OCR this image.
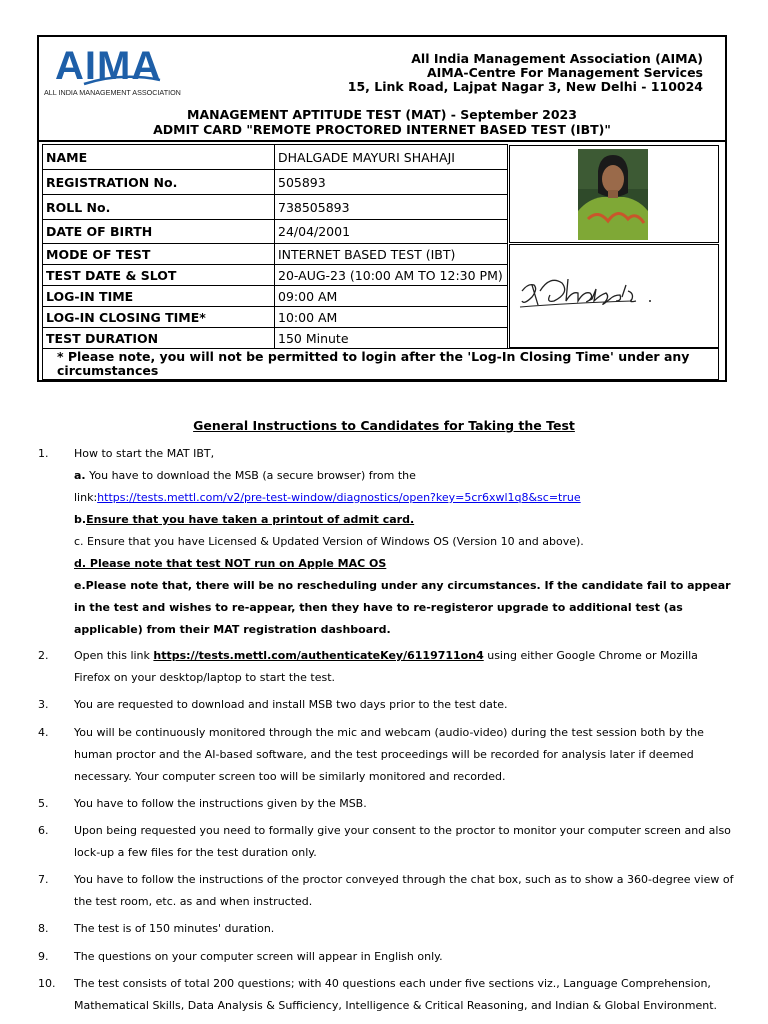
AIMA
ALL INDIA MANAGEMENT ASSOCIATION
All India Management Association (AIMA)
AIMA-Centre For Management Services
15, Link Road, Lajpat Nagar 3, New Delhi - 110024
MANAGEMENT APTITUDE TEST (MAT) - September 2023
ADMIT CARD "REMOTE PROCTORED INTERNET BASED TEST (IBT)"
NAME	DHALGADE MAYURI SHAHAJI
REGISTRATION No.	505893
ROLL No.	738505893
DATE OF BIRTH	24/04/2001
MODE OF TEST	INTERNET BASED TEST (IBT)
TEST DATE & SLOT	20-AUG-23 (10:00 AM TO 12:30 PM)
LOG-IN TIME	09:00 AM
LOG-IN CLOSING TIME*	10:00 AM
TEST DURATION	150 Minute
* Please note, you will not be permitted to login after the 'Log-In Closing Time' under any circumstances
General Instructions to Candidates for Taking the Test
1. How to start the MAT IBT,
a. You have to download the MSB (a secure browser) from the
link:https://tests.mettl.com/v2/pre-test-window/diagnostics/open?key=5cr6xwl1q8&sc=true
b.Ensure that you have taken a printout of admit card.
c. Ensure that you have Licensed & Updated Version of Windows OS (Version 10 and above).
d. Please note that test NOT run on Apple MAC OS
e.Please note that, there will be no rescheduling under any circumstances. If the candidate fail to appear in the test and wishes to re-appear, then they have to re-registeror upgrade to additional test (as applicable) from their MAT registration dashboard.
2. Open this link https://tests.mettl.com/authenticateKey/6119711on4 using either Google Chrome or Mozilla Firefox on your desktop/laptop to start the test.
3. You are requested to download and install MSB two days prior to the test date.
4. You will be continuously monitored through the mic and webcam (audio-video) during the test session both by the human proctor and the AI-based software, and the test proceedings will be recorded for analysis later if deemed necessary. Your computer screen too will be similarly monitored and recorded.
5. You have to follow the instructions given by the MSB.
6. Upon being requested you need to formally give your consent to the proctor to monitor your computer screen and also lock-up a few files for the test duration only.
7. You have to follow the instructions of the proctor conveyed through the chat box, such as to show a 360-degree view of the test room, etc. as and when instructed.
8. The test is of 150 minutes' duration.
9. The questions on your computer screen will appear in English only.
10. The test consists of total 200 questions; with 40 questions each under five sections viz., Language Comprehension, Mathematical Skills, Data Analysis & Sufficiency, Intelligence & Critical Reasoning, and Indian & Global Environment.
